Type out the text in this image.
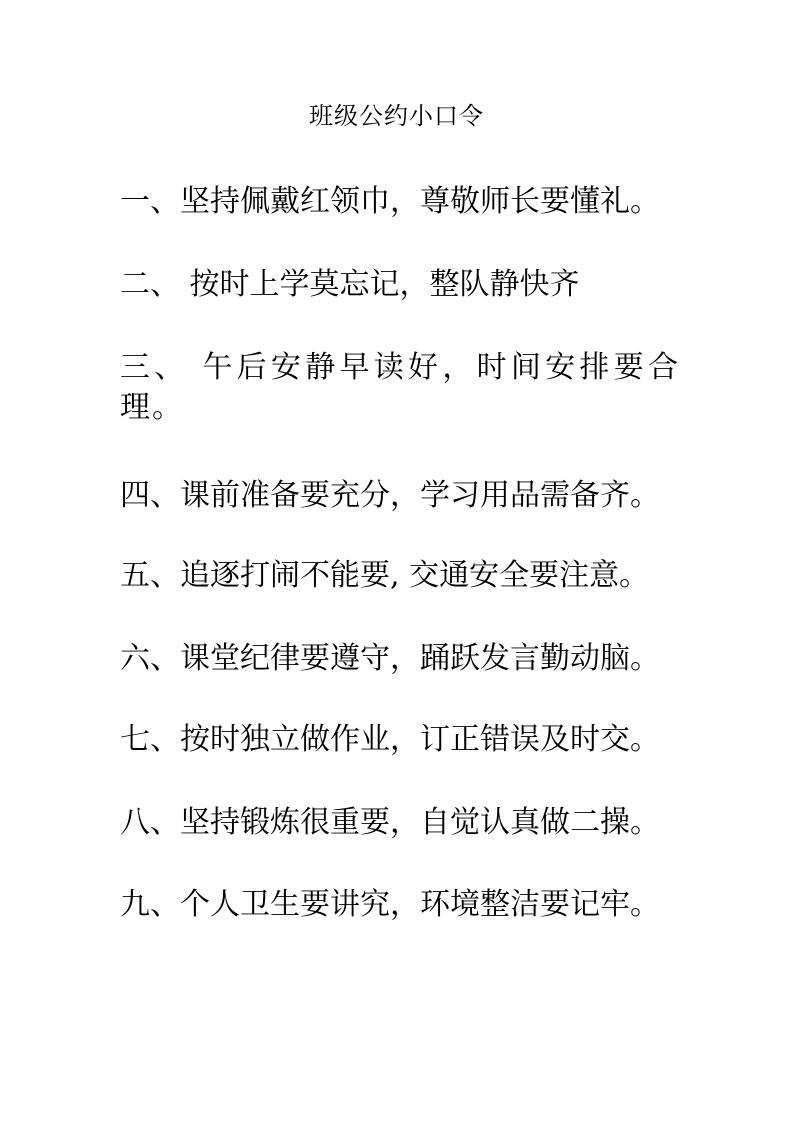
班级公约小口令
一、坚持佩戴红领巾，尊敬师长要懂礼。
二、 按时上学莫忘记，整队静快齐
三、 午后安静早读好，时间安排要合理。
四、课前准备要充分，学习用品需备齐。
五、追逐打闹不能要, 交通安全要注意。
六、课堂纪律要遵守，踊跃发言勤动脑。
七、按时独立做作业，订正错误及时交。
八、坚持锻炼很重要，自觉认真做二操。
九、个人卫生要讲究，环境整洁要记牢。
